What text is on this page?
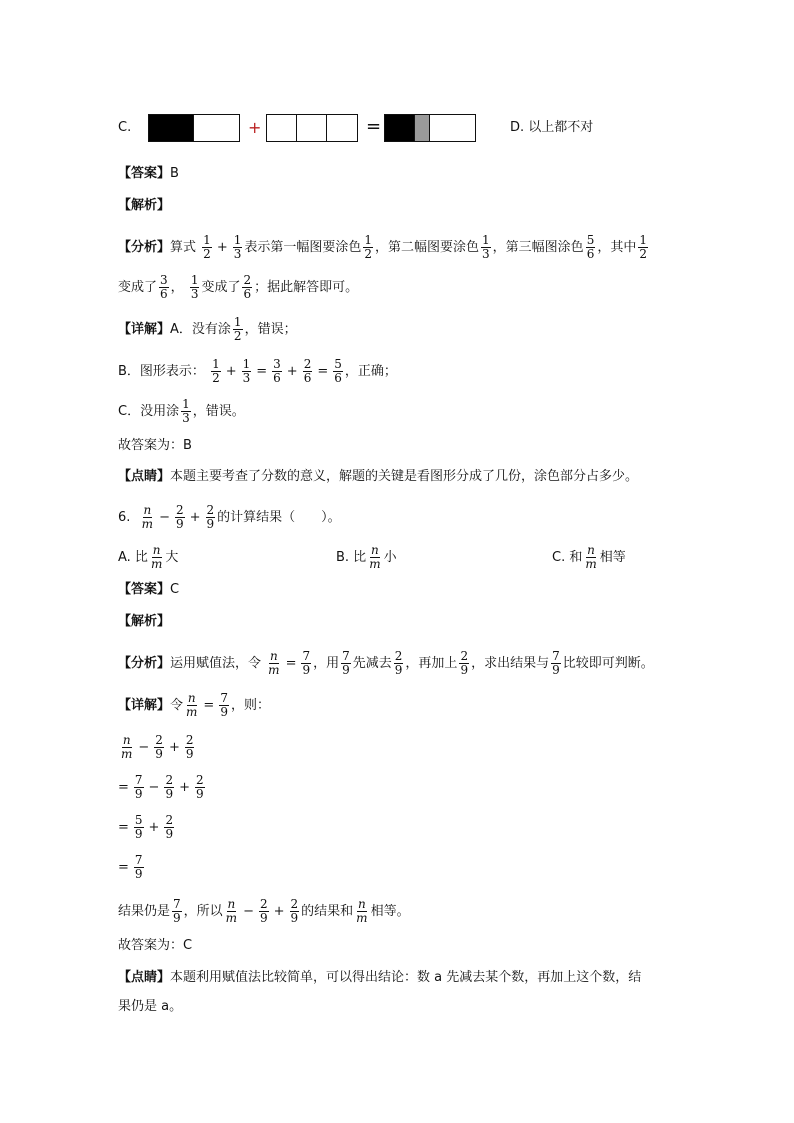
C.	+	=	D. 以上都不对
【答案】B
【解析】
【分析】算式 $\frac{1}{2} + \frac{1}{3}$ 表示第一幅图要涂色 $\frac{1}{2}$ ，第二幅图要涂色 $\frac{1}{3}$ ，第三幅图涂色 $\frac{5}{6}$ ，其中 $\frac{1}{2}$
变成了 $\frac{3}{6}$ ， $\frac{1}{3}$ 变成了 $\frac{2}{6}$ ；据此解答即可。
【详解】A．没有涂 $\frac{1}{2}$ ，错误；
B．图形表示： $\frac{1}{2} + \frac{1}{3} = \frac{3}{6} + \frac{2}{6} = \frac{5}{6}$ ，正确；
C．没用涂 $\frac{1}{3}$ ，错误。
故答案为：B
【点睛】本题主要考查了分数的意义，解题的关键是看图形分成了几份，涂色部分占多少。
6. $\frac{n}{m} - \frac{2}{9} + \frac{2}{9}$ 的计算结果（　　）。
A. 比 $\frac{n}{m}$ 大	B. 比 $\frac{n}{m}$ 小	C. 和 $\frac{n}{m}$ 相等
【答案】C
【解析】
【分析】运用赋值法，令 $\frac{n}{m} = \frac{7}{9}$ ，用 $\frac{7}{9}$ 先减去 $\frac{2}{9}$ ，再加上 $\frac{2}{9}$ ，求出结果与 $\frac{7}{9}$ 比较即可判断。
【详解】令 $\frac{n}{m} = \frac{7}{9}$ ，则：
$\frac{n}{m} - \frac{2}{9} + \frac{2}{9}$
= $\frac{7}{9} - \frac{2}{9} + \frac{2}{9}$
= $\frac{5}{9} + \frac{2}{9}$
= $\frac{7}{9}$
结果仍是 $\frac{7}{9}$ ，所以 $\frac{n}{m} - \frac{2}{9} + \frac{2}{9}$ 的结果和 $\frac{n}{m}$ 相等。
故答案为：C
【点睛】本题利用赋值法比较简单，可以得出结论：数 a 先减去某个数，再加上这个数，结
果仍是 a。
